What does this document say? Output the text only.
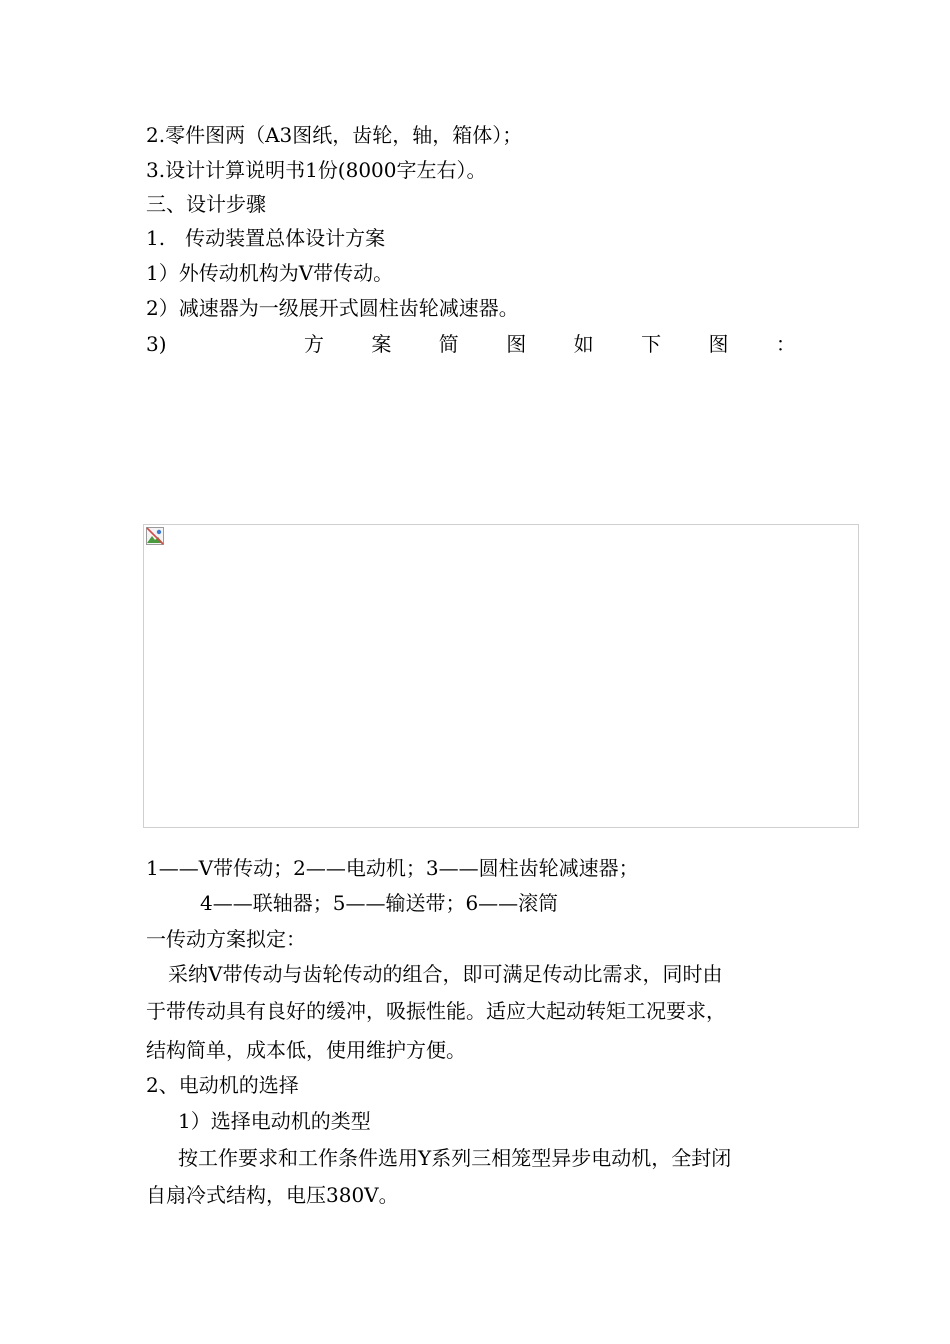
2.零件图两（A3图纸，齿轮，轴，箱体）；

3.设计计算说明书1份(8000字左右）。

三、设计步骤

1.　传动装置总体设计方案

1）外传动机构为V带传动。

2）减速器为一级展开式圆柱齿轮减速器。

3)	方 案 简 图 如 下 图 ：

1——V带传动；2——电动机；3——圆柱齿轮减速器；

4——联轴器；5——输送带；6——滚筒

一传动方案拟定：

采纳V带传动与齿轮传动的组合，即可满足传动比需求，同时由

于带传动具有良好的缓冲，吸振性能。适应大起动转矩工况要求，

结构简单，成本低，使用维护方便。

2、电动机的选择

1）选择电动机的类型

按工作要求和工作条件选用Y系列三相笼型异步电动机，全封闭

自扇冷式结构，电压380V。
